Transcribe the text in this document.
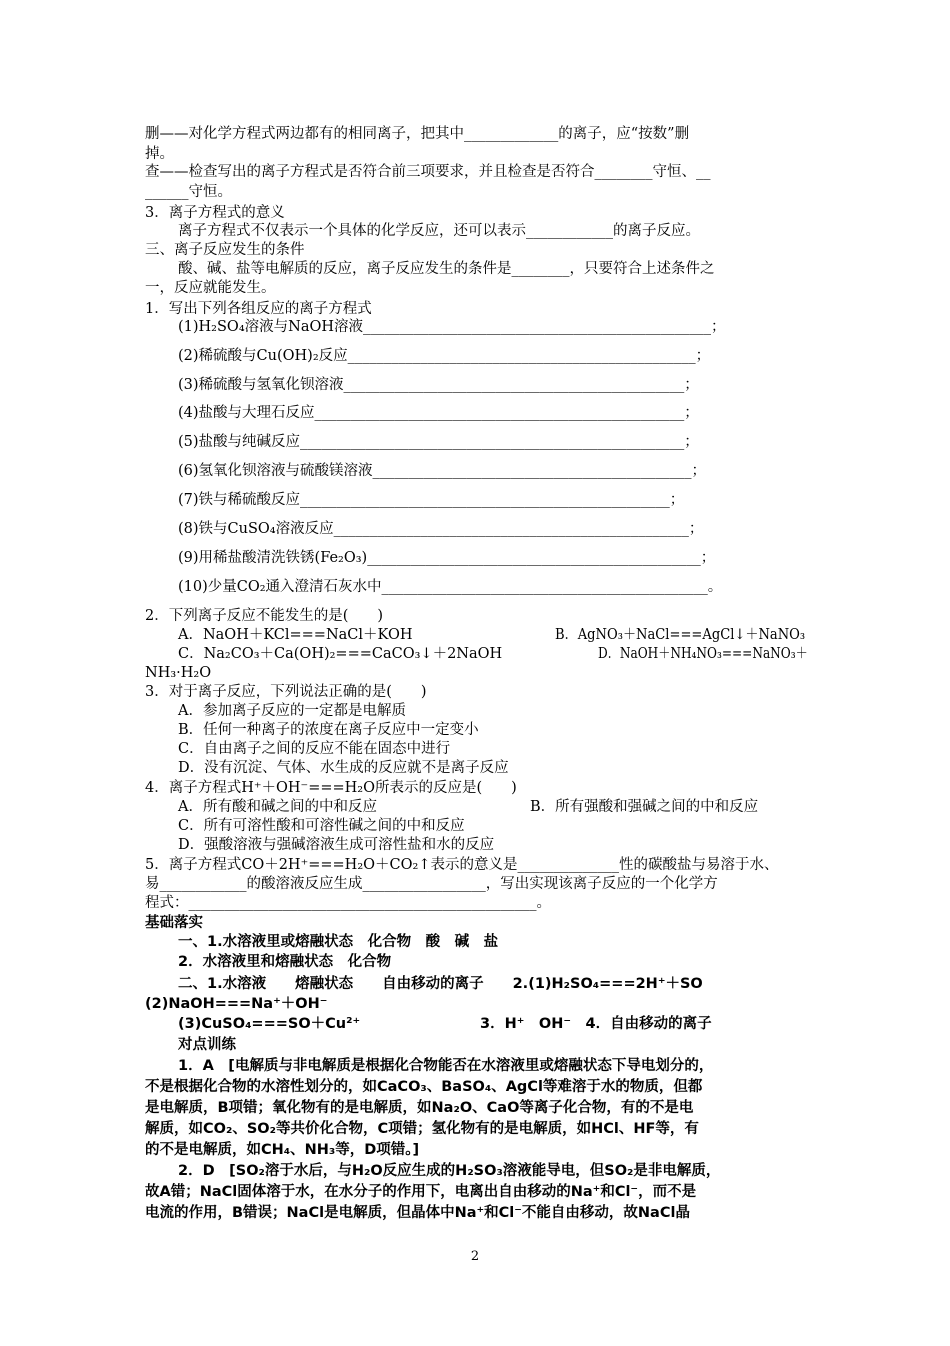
删——对化学方程式两边都有的相同离子，把其中_____________的离子，应“按数”删
掉。
查——检查写出的离子方程式是否符合前三项要求，并且检查是否符合________守恒、__
______守恒。
3．离子方程式的意义
离子方程式不仅表示一个具体的化学反应，还可以表示____________的离子反应。
三、离子反应发生的条件
酸、碱、盐等电解质的反应，离子反应发生的条件是________，只要符合上述条件之
一，反应就能发生。
1．写出下列各组反应的离子方程式
(1)H₂SO₄溶液与NaOH溶液________________________________________________；
(2)稀硫酸与Cu(OH)₂反应________________________________________________；
(3)稀硫酸与氢氧化钡溶液_______________________________________________；
(4)盐酸与大理石反应___________________________________________________；
(5)盐酸与纯碱反应_____________________________________________________；
(6)氢氧化钡溶液与硫酸镁溶液____________________________________________；
(7)铁与稀硫酸反应___________________________________________________；
(8)铁与CuSO₄溶液反应_________________________________________________；
(9)用稀盐酸清洗铁锈(Fe₂O₃)______________________________________________；
(10)少量CO₂通入澄清石灰水中_____________________________________________。
2．下列离子反应不能发生的是(　　)
A．NaOH＋KCl===NaCl＋KOH	B．AgNO₃＋NaCl===AgCl↓＋NaNO₃
C．Na₂CO₃＋Ca(OH)₂===CaCO₃↓＋2NaOH	D．NaOH＋NH₄NO₃===NaNO₃＋
NH₃·H₂O
3．对于离子反应，下列说法正确的是(　　)
A．参加离子反应的一定都是电解质
B．任何一种离子的浓度在离子反应中一定变小
C．自由离子之间的反应不能在固态中进行
D．没有沉淀、气体、水生成的反应就不是离子反应
4．离子方程式H⁺＋OH⁻===H₂O所表示的反应是(　　)
A．所有酸和碱之间的中和反应	B．所有强酸和强碱之间的中和反应
C．所有可溶性酸和可溶性碱之间的中和反应
D．强酸溶液与强碱溶液生成可溶性盐和水的反应
5．离子方程式CO＋2H⁺===H₂O＋CO₂↑表示的意义是______________性的碳酸盐与易溶于水、
易____________的酸溶液反应生成_________________，写出实现该离子反应的一个化学方
程式：________________________________________________。
基础落实
一、1.水溶液里或熔融状态　化合物　酸　碱　盐
2．水溶液里和熔融状态　化合物
二、1.水溶液　　熔融状态　　自由移动的离子　　2.(1)H₂SO₄===2H⁺＋SO
(2)NaOH===Na⁺＋OH⁻
(3)CuSO₄===SO＋Cu²⁺	3．H⁺　OH⁻　4．自由移动的离子
对点训练
1．A　[电解质与非电解质是根据化合物能否在水溶液里或熔融状态下导电划分的，
不是根据化合物的水溶性划分的，如CaCO₃、BaSO₄、AgCl等难溶于水的物质，但都
是电解质，B项错；氧化物有的是电解质，如Na₂O、CaO等离子化合物，有的不是电
解质，如CO₂、SO₂等共价化合物，C项错；氢化物有的是电解质，如HCl、HF等，有
的不是电解质，如CH₄、NH₃等，D项错。]
2．D　[SO₂溶于水后，与H₂O反应生成的H₂SO₃溶液能导电，但SO₂是非电解质，
故A错；NaCl固体溶于水，在水分子的作用下，电离出自由移动的Na⁺和Cl⁻，而不是
电流的作用，B错误；NaCl是电解质，但晶体中Na⁺和Cl⁻不能自由移动，故NaCl晶
2
